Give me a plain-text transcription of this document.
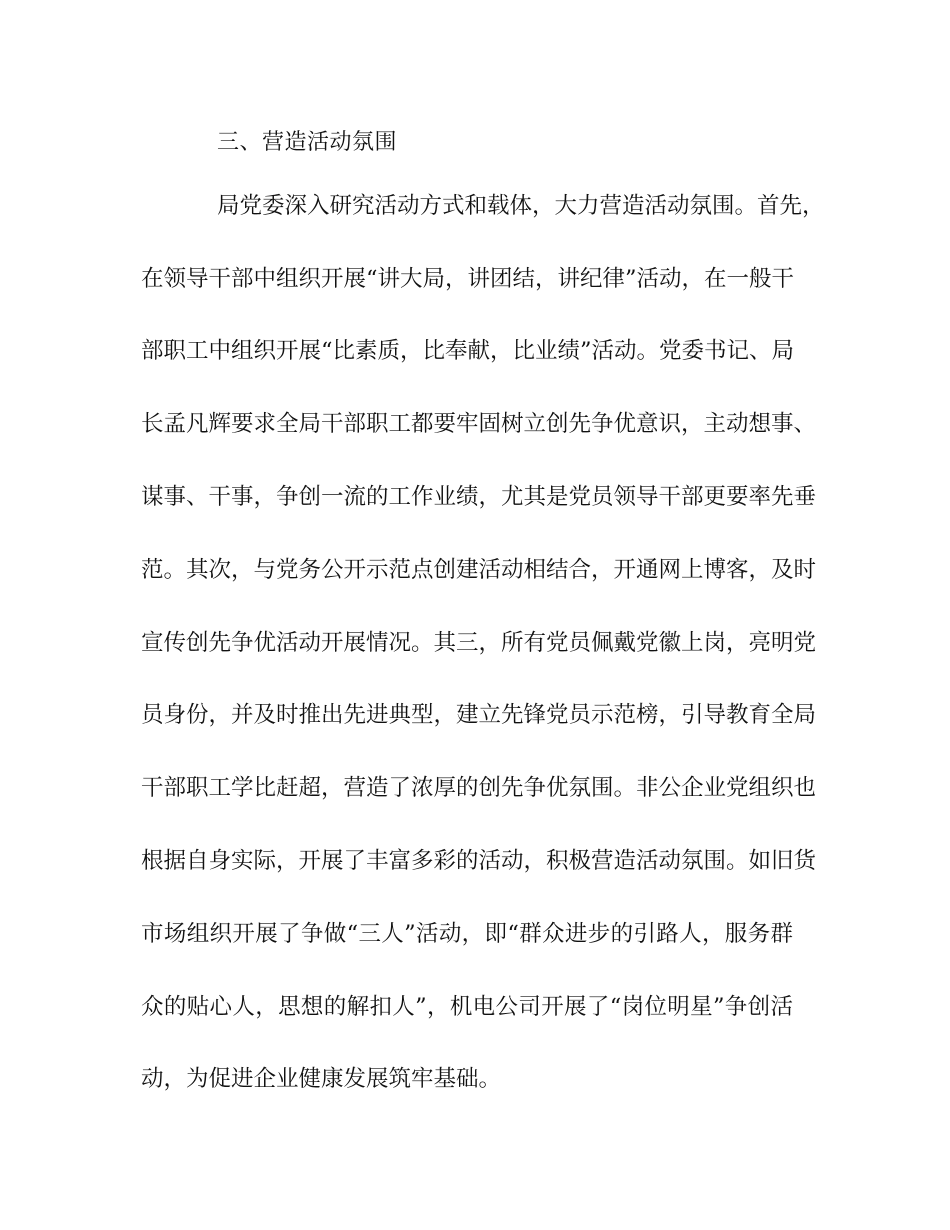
三、营造活动氛围
局党委深入研究活动方式和载体，大力营造活动氛围。首先，
在领导干部中组织开展“讲大局，讲团结，讲纪律”活动，在一般干
部职工中组织开展“比素质，比奉献，比业绩”活动。党委书记、局
长孟凡辉要求全局干部职工都要牢固树立创先争优意识，主动想事、
谋事、干事，争创一流的工作业绩，尤其是党员领导干部更要率先垂
范。其次，与党务公开示范点创建活动相结合，开通网上博客，及时
宣传创先争优活动开展情况。其三，所有党员佩戴党徽上岗，亮明党
员身份，并及时推出先进典型，建立先锋党员示范榜，引导教育全局
干部职工学比赶超，营造了浓厚的创先争优氛围。非公企业党组织也
根据自身实际，开展了丰富多彩的活动，积极营造活动氛围。如旧货
市场组织开展了争做“三人”活动，即“群众进步的引路人，服务群
众的贴心人，思想的解扣人”，机电公司开展了“岗位明星”争创活
动，为促进企业健康发展筑牢基础。
